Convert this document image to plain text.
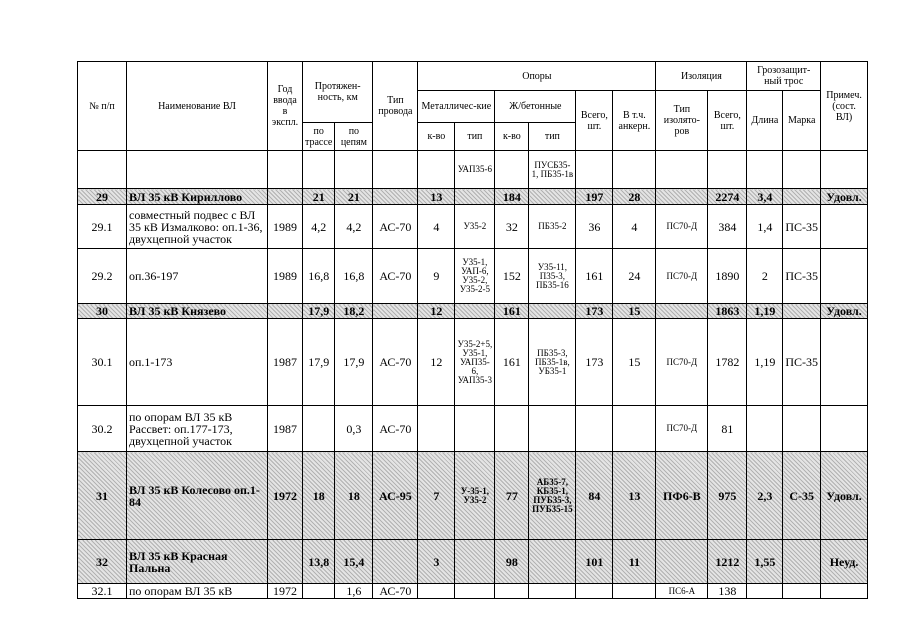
№ п/п	Наименование ВЛ	Год ввода в экспл.	Протяжен-ность, км		Тип провода	Опоры						Изоляция		Грозозащит-ный трос		Примеч. (сост. ВЛ)
						Металличес-кие		Ж/бетонные		Всего, шт.	В т.ч. анкерн.	Тип изолято-ров	Всего, шт.	Длина	Марка	
			по трассе	по цепям		к-во	тип	к-во	тип							
							УАП35-6		ПУСБ35-1, ПБ35-1в							
29	ВЛ 35 кВ Кириллово		21	21		13		184		197	28		2274	3,4		Удовл.
29.1	совместный подвес с ВЛ 35 кВ Измалково: оп.1-36, двухцепной участок	1989	4,2	4,2	АС-70	4	У35-2	32	ПБ35-2	36	4	ПС70-Д	384	1,4	ПС-35	
29.2	оп.36-197	1989	16,8	16,8	АС-70	9	У35-1, УАП-6, У35-2, У35-2-5	152	У35-11, П35-3, ПБ35-16	161	24	ПС70-Д	1890	2	ПС-35	
30	ВЛ 35 кВ Князево		17,9	18,2		12		161		173	15		1863	1,19		Удовл.
30.1	оп.1-173	1987	17,9	17,9	АС-70	12	У35-2+5, У35-1, УАП35-6, УАП35-3	161	ПБ35-3, ПБ35-1в, УБ35-1	173	15	ПС70-Д	1782	1,19	ПС-35	
30.2	по опорам ВЛ 35 кВ Рассвет: оп.177-173, двухцепной участок	1987		0,3	АС-70							ПС70-Д	81			
31	ВЛ 35 кВ Колесово оп.1-84	1972	18	18	АС-95	7	У-35-1, У35-2	77	АБ35-7, КБ35-1, ПУБ35-3, ПУБ35-15	84	13	ПФ6-В	975	2,3	С-35	Удовл.
32	ВЛ 35 кВ Красная Пальна		13,8	15,4		3		98		101	11		1212	1,55		Неуд.
32.1	по опорам ВЛ 35 кВ	1972		1,6	АС-70							ПС6-А	138			
